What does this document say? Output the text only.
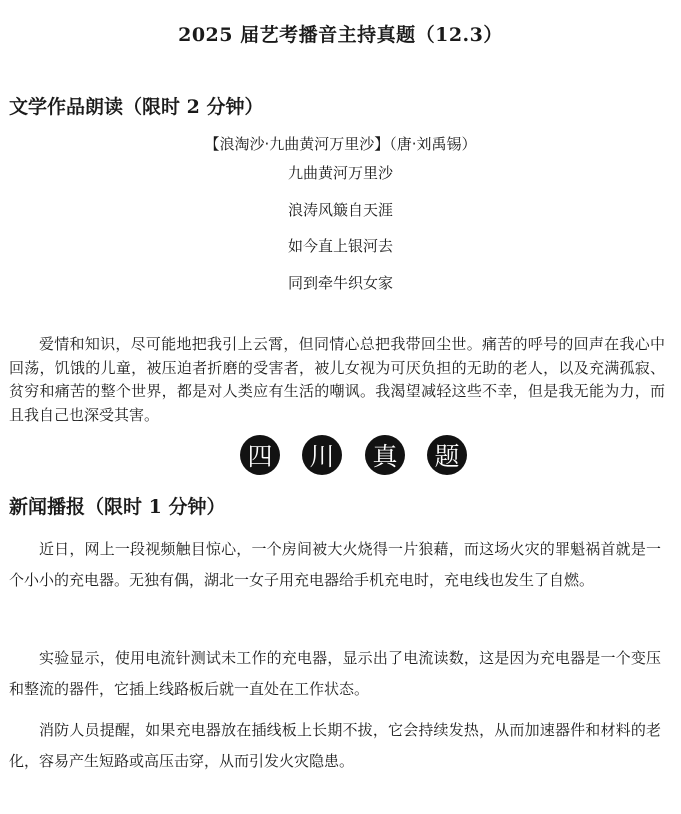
2025 届艺考播音主持真题（12.3）
文学作品朗读（限时 2 分钟）
【浪淘沙·九曲黄河万里沙】（唐·刘禹锡）
九曲黄河万里沙
浪涛风簸自天涯
如今直上银河去
同到牵牛织女家

爱情和知识，尽可能地把我引上云霄，但同情心总把我带回尘世。痛苦的呼号的回声在我心中回荡，饥饿的儿童，被压迫者折磨的受害者，被儿女视为可厌负担的无助的老人，以及充满孤寂、贫穷和痛苦的整个世界，都是对人类应有生活的嘲讽。我渴望减轻这些不幸，但是我无能为力，而且我自己也深受其害。

四	川	真	题
新闻播报（限时 1 分钟）

近日，网上一段视频触目惊心，一个房间被大火烧得一片狼藉，而这场火灾的罪魁祸首就是一个小小的充电器。无独有偶，湖北一女子用充电器给手机充电时，充电线也发生了自燃。

实验显示，使用电流针测试未工作的充电器，显示出了电流读数，这是因为充电器是一个变压和整流的器件，它插上线路板后就一直处在工作状态。

消防人员提醒，如果充电器放在插线板上长期不拔，它会持续发热，从而加速器件和材料的老化，容易产生短路或高压击穿，从而引发火灾隐患。
